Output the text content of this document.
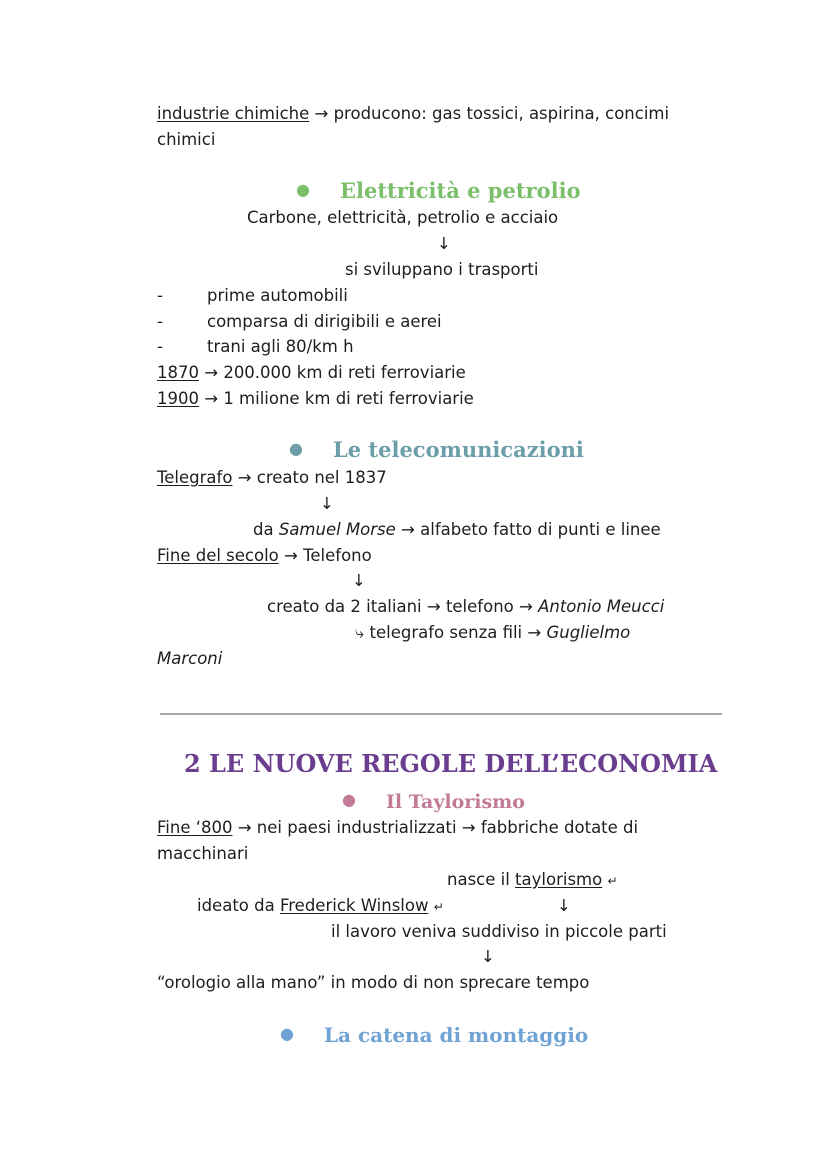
industrie chimiche → producono: gas tossici, aspirina, concimi
chimici
● Elettricità e petrolio
Carbone, elettricità, petrolio e acciaio
↓
si sviluppano i trasporti
-	prime automobili
-	comparsa di dirigibili e aerei
-	trani agli 80/km h
1870 → 200.000 km di reti ferroviarie
1900 → 1 milione km di reti ferroviarie
● Le telecomunicazioni
Telegrafo → creato nel 1837
↓
da Samuel Morse → alfabeto fatto di punti e linee
Fine del secolo → Telefono
↓
creato da 2 italiani → telefono → Antonio Meucci
⤷ telegrafo senza fili → Guglielmo
Marconi
2 LE NUOVE REGOLE DELL’ECONOMIA
● Il Taylorismo
Fine ‘800 → nei paesi industrializzati → fabbriche dotate di
macchinari
nasce il taylorismo ↵
ideato da Frederick Winslow ↵	↓
il lavoro veniva suddiviso in piccole parti
↓
“orologio alla mano” in modo di non sprecare tempo
● La catena di montaggio
